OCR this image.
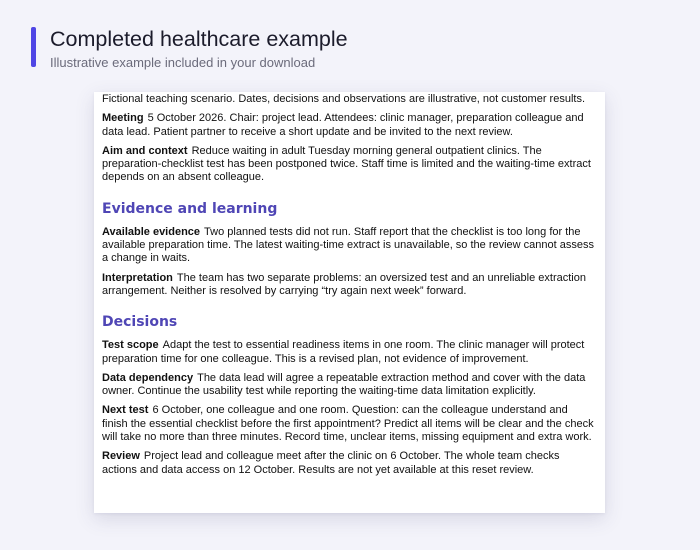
Completed healthcare example
Illustrative example included in your download

Fictional teaching scenario. Dates, decisions and observations are illustrative, not customer results.

Meeting 5 October 2026. Chair: project lead. Attendees: clinic manager, preparation colleague and data lead. Patient partner to receive a short update and be invited to the next review.

Aim and context Reduce waiting in adult Tuesday morning general outpatient clinics. The preparation-checklist test has been postponed twice. Staff time is limited and the waiting-time extract depends on an absent colleague.

Evidence and learning

Available evidence Two planned tests did not run. Staff report that the checklist is too long for the available preparation time. The latest waiting-time extract is unavailable, so the review cannot assess a change in waits.

Interpretation The team has two separate problems: an oversized test and an unreliable extraction arrangement. Neither is resolved by carrying “try again next week” forward.

Decisions

Test scope Adapt the test to essential readiness items in one room. The clinic manager will protect preparation time for one colleague. This is a revised plan, not evidence of improvement.

Data dependency The data lead will agree a repeatable extraction method and cover with the data owner. Continue the usability test while reporting the waiting-time data limitation explicitly.

Next test 6 October, one colleague and one room. Question: can the colleague understand and finish the essential checklist before the first appointment? Predict all items will be clear and the check will take no more than three minutes. Record time, unclear items, missing equipment and extra work.

Review Project lead and colleague meet after the clinic on 6 October. The whole team checks actions and data access on 12 October. Results are not yet available at this reset review.
